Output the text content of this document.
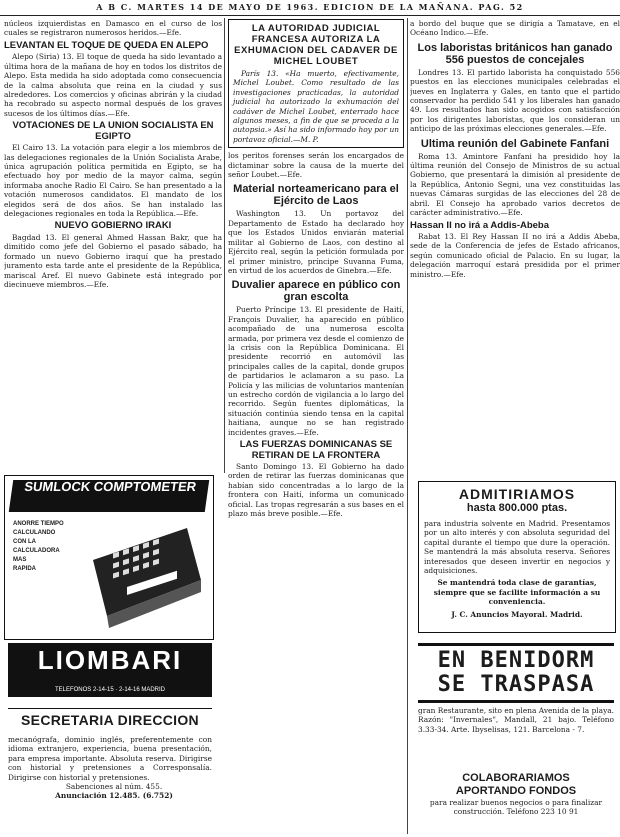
A B C. MARTES 14 DE MAYO DE 1963. EDICION DE LA MAÑANA. PAG. 52

núcleos izquierdistas en Damasco en el curso de los cuales se registraron numerosos heridos.—Efe.

LEVANTAN EL TOQUE DE QUEDA EN ALEPO

Alepo (Siria) 13. El toque de queda ha sido levantado a última hora de la mañana de hoy en todos los distritos de Alepo. Esta medida ha sido adoptada como consecuencia de la calma absoluta que reina en la ciudad y sus alrededores. Los comercios y oficinas abrirán y la ciudad ha recobrado su aspecto normal después de los graves sucesos de los últimos días.—Efe.

VOTACIONES DE LA UNION SOCIALISTA EN EGIPTO

El Cairo 13. La votación para elegir a los miembros de las delegaciones regionales de la Unión Socialista Arabe, única agrupación política permitida en Egipto, se ha efectuado hoy por medio de la mayor calma, según informaba anoche Radio El Cairo. Se han presentado a la votación numerosos candidatos. El mandato de los elegidos será de dos años. Se han instalado las delegaciones regionales en toda la República.—Efe.

NUEVO GOBIERNO IRAKI

Bagdad 13. El general Ahmed Hassan Bakr, que ha dimitido como jefe del Gobierno el pasado sábado, ha formado un nuevo Gobierno iraquí que ha prestado juramento esta tarde ante el presidente de la República, mariscal Aref. El nuevo Gabinete está integrado por diecinueve miembros.—Efe.

LA AUTORIDAD JUDICIAL FRANCESA AUTORIZA LA EXHUMACION DEL CADAVER DE MICHEL LOUBET

París 13. «Ha muerto, efectivamente, Michel Loubet. Como resultado de las investigaciones practicadas, la autoridad judicial ha autorizado la exhumación del cadáver de Michel Loubet, enterrado hace algunos meses, a fin de que se proceda a la autopsia.» Así ha sido informado hoy por un portavoz oficial.—M. P.

los peritos forenses serán los encargados de dictaminar sobre la causa de la muerte del señor Loubet.—Efe.

Material norteamericano para el Ejército de Laos

Washington 13. Un portavoz del Departamento de Estado ha declarado hoy que los Estados Unidos enviarán material militar al Gobierno de Laos, con destino al Ejército real, según la petición formulada por el primer ministro, príncipe Suvanna Fuma, en virtud de los acuerdos de Ginebra.—Efe.

Duvalier aparece en público con gran escolta

Puerto Príncipe 13. El presidente de Haití, François Duvalier, ha aparecido en público acompañado de una numerosa escolta armada, por primera vez desde el comienzo de la crisis con la República Dominicana. El presidente recorrió en automóvil las principales calles de la capital, donde grupos de partidarios le aclamaron a su paso. La Policía y las milicias de voluntarios mantenían un estrecho cordón de vigilancia a lo largo del recorrido. Según fuentes diplomáticas, la situación continúa siendo tensa en la capital haitiana, aunque no se han registrado incidentes graves.—Efe.

LAS FUERZAS DOMINICANAS SE RETIRAN DE LA FRONTERA

Santo Domingo 13. El Gobierno ha dado orden de retirar las fuerzas dominicanas que habían sido concentradas a lo largo de la frontera con Haití, informa un comunicado oficial. Las tropas regresarán a sus bases en el plazo más breve posible.—Efe.

a bordo del buque que se dirigía a Tamatave, en el Océano Indico.—Efe.

Los laboristas británicos han ganado 556 puestos de concejales

Londres 13. El partido laborista ha conquistado 556 puestos en las elecciones municipales celebradas el jueves en Inglaterra y Gales, en tanto que el partido conservador ha perdido 541 y los liberales han ganado 49. Los resultados han sido acogidos con satisfacción por los dirigentes laboristas, que los consideran un anticipo de las próximas elecciones generales.—Efe.

Ultima reunión del Gabinete Fanfani

Roma 13. Amintore Fanfani ha presidido hoy la última reunión del Consejo de Ministros de su actual Gobierno, que presentará la dimisión al presidente de la República, Antonio Segni, una vez constituidas las nuevas Cámaras surgidas de las elecciones del 28 de abril. El Consejo ha aprobado varios decretos de carácter administrativo.—Efe.

Hassan II no irá a Addis-Abeba

Rabat 13. El Rey Hassan II no irá a Addis Abeba, sede de la Conferencia de jefes de Estado africanos, según comunicado oficial de Palacio. En su lugar, la delegación marroquí estará presidida por el primer ministro.—Efe.

SUMLOCK COMPTOMETER
ANORRE TIEMPO
CALCULANDO
CON LA
CALCULADORA
MAS
RAPIDA
LIOMBARI
TELEFONOS 2-14-15 · 2-14-16 MADRID
SECRETARIA DIRECCION

mecanógrafa, dominio inglés, preferentemente con idioma extranjero, experiencia, buena presentación, para empresa importante. Absoluta reserva. Dirigirse con historial y pretensiones a Corresponsalía. Dirigirse con historial y pretensiones.

Sabenciones al núm. 455.

Anunciación 12.485. (6.752)

ADMITIRIAMOS
hasta 800.000 ptas.

para industria solvente en Madrid. Presentamos por un alto interés y con absoluta seguridad del capital durante el tiempo que dure la operación. Se mantendrá la más absoluta reserva. Señores interesados que deseen invertir en negocios y adquisiciones.

Se mantendrá toda clase de garantías, siempre que se facilite información a su conveniencia.

J. C. Anuncios Mayoral. Madrid.

EN BENIDORM
SE TRASPASA

gran Restaurante, sito en plena Avenida de la playa. Razón: "Invernales", Mandall, 21 bajo. Teléfono 3.33-34. Arte. Ibyselisas, 121. Barcelona - 7.

COLABORARIAMOS
APORTANDO FONDOS

para realizar buenos negocios o para finalizar construcción. Teléfono 223 10 91
